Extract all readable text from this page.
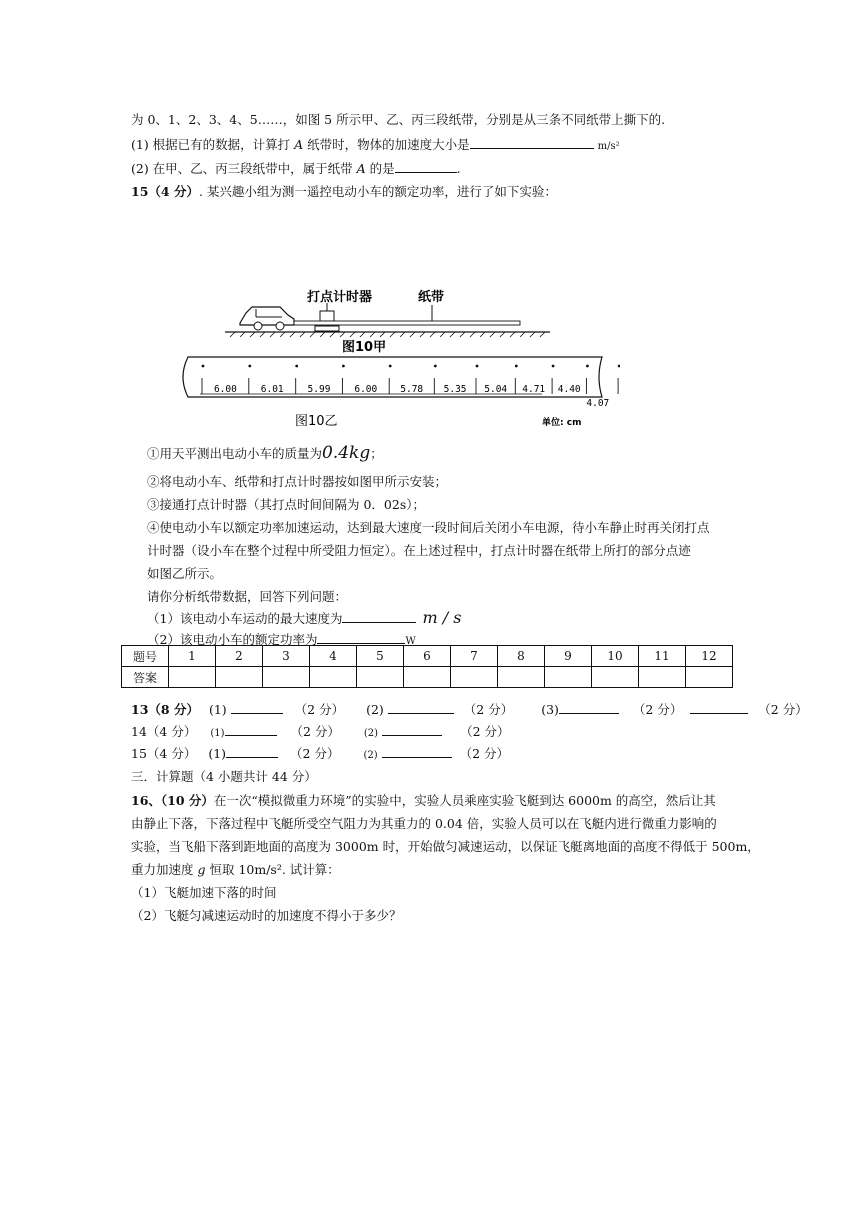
为 0、1、2、3、4、5……，如图 5 所示甲、乙、丙三段纸带，分别是从三条不同纸带上撕下的.
(1) 根据已有的数据，计算打 A 纸带时，物体的加速度大小是	m/s²
(2) 在甲、乙、丙三段纸带中，属于纸带 A 的是	.
15（4 分）. 某兴趣小组为测一遥控电动小车的额定功率，进行了如下实验：
打点计时器	纸带
图10甲
6.00	6.01	5.99	6.00 5.78 5.35 5.04 4.71 4.40
4.07
图10乙	单位: cm
①用天平测出电动小车的质量为0.4kg；
②将电动小车、纸带和打点计时器按如图甲所示安装；
③接通打点计时器（其打点时间间隔为 0．02s）；
④使电动小车以额定功率加速运动，达到最大速度一段时间后关闭小车电源，待小车静止时再关闭打点
计时器（设小车在整个过程中所受阻力恒定）。在上述过程中，打点计时器在纸带上所打的部分点迹
如图乙所示。
请你分析纸带数据，回答下列问题：
（1）该电动小车运动的最大速度为	m / s
（2）该电动小车的额定功率为	W
题号	1	2	3	4	5	6	7	8	9	10	11	12
答案												
13（8 分） (1)	（2 分） (2)	（2 分） (3)	（2 分）	（2 分）
14（4 分） (1)	（2 分） (2)	（2 分）
15（4 分） (1)	（2 分） (2)	（2 分）
三．计算题（4 小题共计 44 分）
16、（10 分）在一次“模拟微重力环境”的实验中，实验人员乘座实验飞艇到达 6000m 的高空，然后让其
由静止下落，下落过程中飞艇所受空气阻力为其重力的 0.04 倍，实验人员可以在飞艇内进行微重力影响的
实验，当飞船下落到距地面的高度为 3000m 时，开始做匀减速运动，以保证飞艇离地面的高度不得低于 500m，
重力加速度 g 恒取 10m/s². 试计算：
（1）飞艇加速下落的时间
（2）飞艇匀减速运动时的加速度不得小于多少？
